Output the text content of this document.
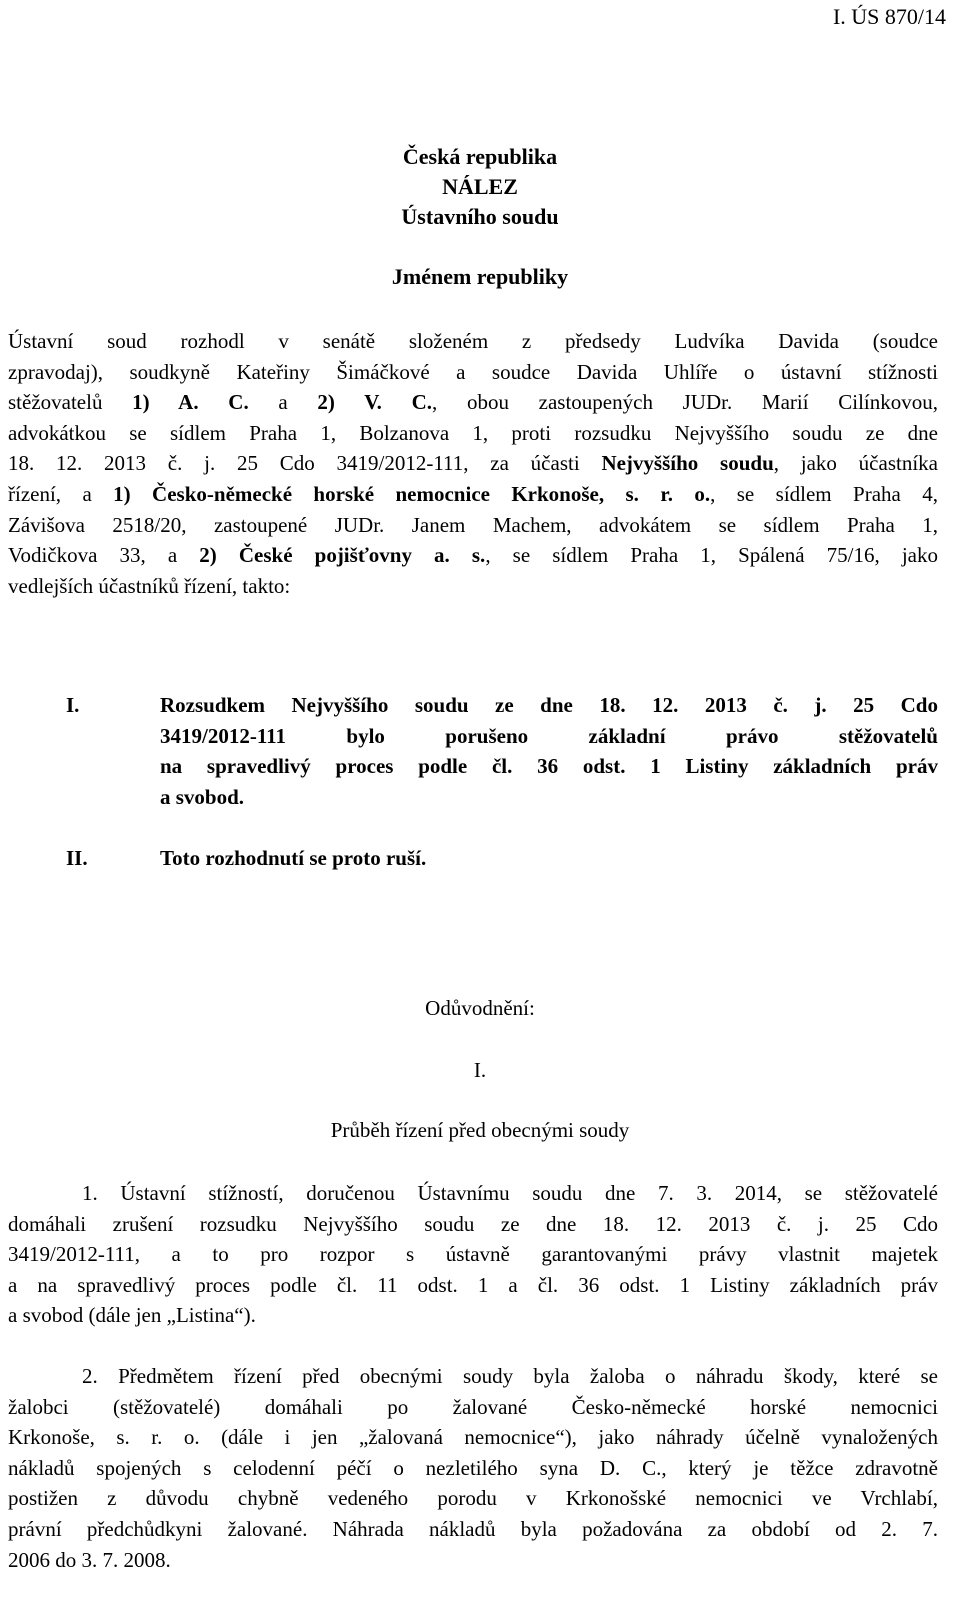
I. ÚS 870/14
Česká republika
NÁLEZ
Ústavního soudu
Jménem republiky
Ústavní soud rozhodl v senátě složeném z předsedy Ludvíka Davida (soudce
zpravodaj), soudkyně Kateřiny Šimáčkové a soudce Davida Uhlíře o ústavní stížnosti
stěžovatelů 1) A. C. a 2) V. C., obou zastoupených JUDr. Marií Cilínkovou,
advokátkou se sídlem Praha 1, Bolzanova 1, proti rozsudku Nejvyššího soudu ze dne
18. 12. 2013 č. j. 25 Cdo 3419/2012-111, za účasti Nejvyššího soudu, jako účastníka
řízení, a 1) Česko-německé horské nemocnice Krkonoše, s. r. o., se sídlem Praha 4,
Závišova 2518/20, zastoupené JUDr. Janem Machem, advokátem se sídlem Praha 1,
Vodičkova 33, a 2) České pojišťovny a. s., se sídlem Praha 1, Spálená 75/16, jako
vedlejších účastníků řízení, takto:
I.	Rozsudkem Nejvyššího soudu ze dne 18. 12. 2013 č. j. 25 Cdo
3419/2012-111 bylo porušeno základní právo stěžovatelů
na spravedlivý proces podle čl. 36 odst. 1 Listiny základních práv
a svobod.
II.	Toto rozhodnutí se proto ruší.
Odůvodnění:
I.
Průběh řízení před obecnými soudy
1. Ústavní stížností, doručenou Ústavnímu soudu dne 7. 3. 2014, se stěžovatelé
domáhali zrušení rozsudku Nejvyššího soudu ze dne 18. 12. 2013 č. j. 25 Cdo
3419/2012-111, a to pro rozpor s ústavně garantovanými právy vlastnit majetek
a na spravedlivý proces podle čl. 11 odst. 1 a čl. 36 odst. 1 Listiny základních práv
a svobod (dále jen „Listina“).
2. Předmětem řízení před obecnými soudy byla žaloba o náhradu škody, které se
žalobci (stěžovatelé) domáhali po žalované Česko-německé horské nemocnici
Krkonoše, s. r. o. (dále i jen „žalovaná nemocnice“), jako náhrady účelně vynaložených
nákladů spojených s celodenní péčí o nezletilého syna D. C., který je těžce zdravotně
postižen z důvodu chybně vedeného porodu v Krkonošské nemocnici ve Vrchlabí,
právní předchůdkyni žalované. Náhrada nákladů byla požadována za období od 2. 7.
2006 do 3. 7. 2008.
